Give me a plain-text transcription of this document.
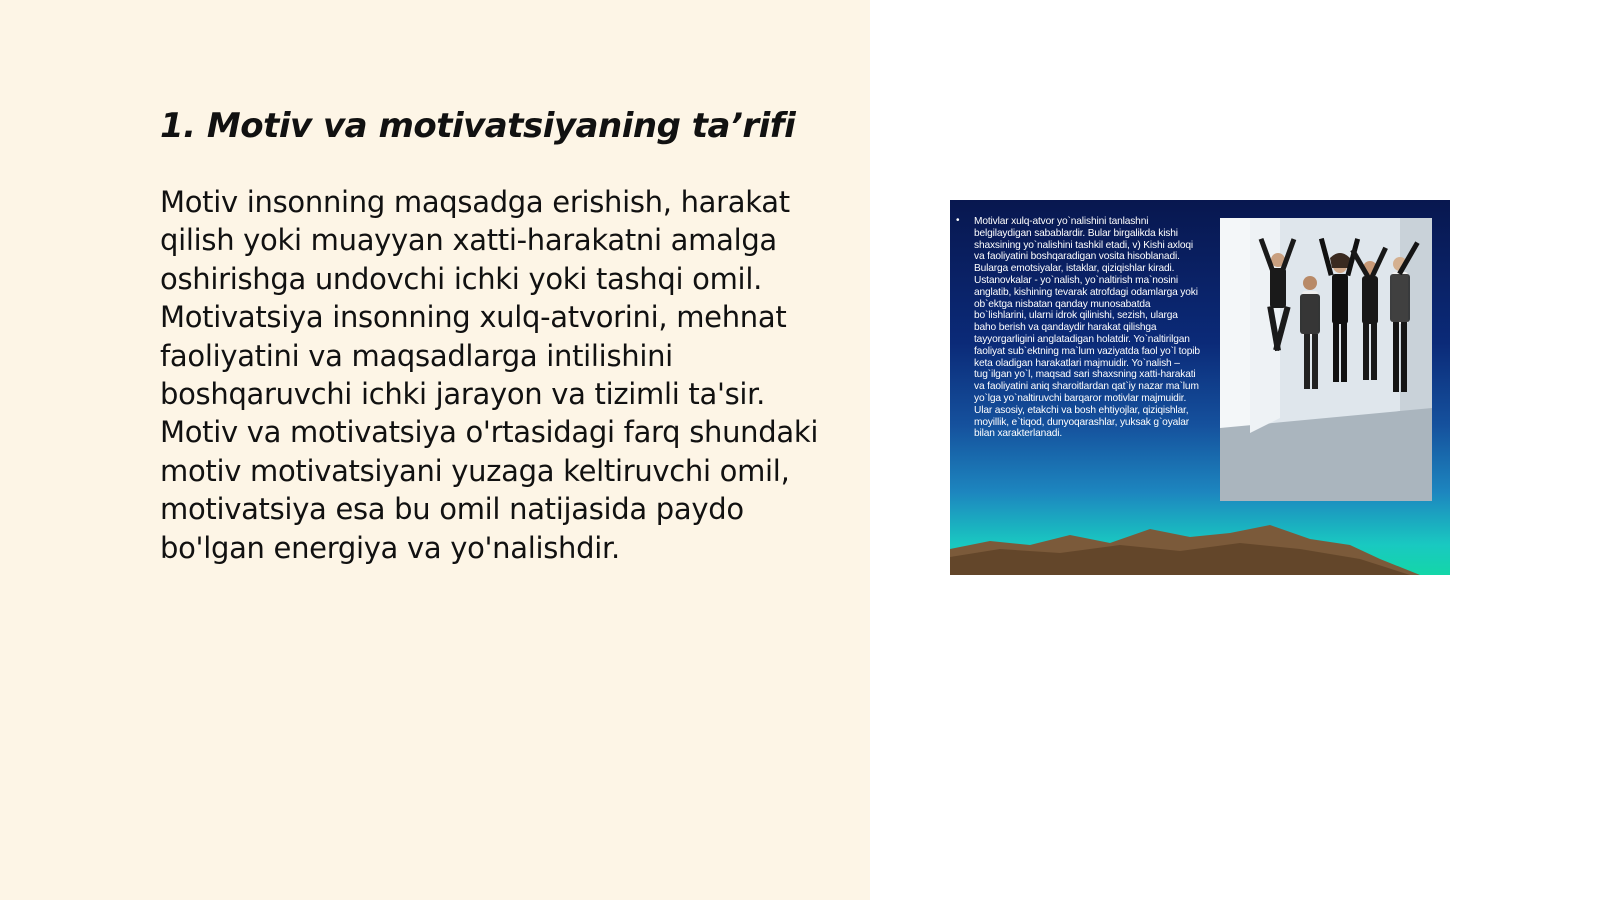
1. Motiv va motivatsiyaning ta’rifi

Motiv insonning maqsadga erishish, harakat qilish yoki muayyan xatti-harakatni amalga oshirishga undovchi ichki yoki tashqi omil. Motivatsiya insonning xulq-atvorini, mehnat faoliyatini va maqsadlarga intilishini boshqaruvchi ichki jarayon va tizimli ta'sir. Motiv va motivatsiya o'rtasidagi farq shundaki motiv motivatsiyani yuzaga keltiruvchi omil, motivatsiya esa bu omil natijasida paydo bo'lgan energiya va yo'nalishdir.

• Motivlar xulq-atvor yo`nalishini tanlashni belgilaydigan sabablardir. Bular birgalikda kishi shaxsining yo`nalishini tashkil etadi, v) Kishi axloqi va faoliyatini boshqaradigan vosita hisoblanadi. Bularga emotsiyalar, istaklar, qiziqishlar kiradi. Ustanovkalar - yo`nalish, yo`naltirish ma`nosini anglatib, kishining tevarak atrofdagi odamlarga yoki ob`ektga nisbatan qanday munosabatda bo`lishlarini, ularni idrok qilinishi, sezish, ularga baho berish va qandaydir harakat qilishga tayyorgarligini anglatadigan holatdir. Yo`naltirilgan faoliyat sub`ektning ma`lum vaziyatda faol yo`l topib keta oladigan harakatlari majmuidir. Yo`nalish – tug`ilgan yo`l, maqsad sari shaxsning xatti-harakati va faoliyatini aniq sharoitlardan qat`iy nazar ma`lum yo`lga yo`naltiruvchi barqaror motivlar majmuidir. Ular asosiy, etakchi va bosh ehtiyojlar, qiziqishlar, moyillik, e`tiqod, dunyoqarashlar, yuksak g`oyalar bilan xarakterlanadi.
